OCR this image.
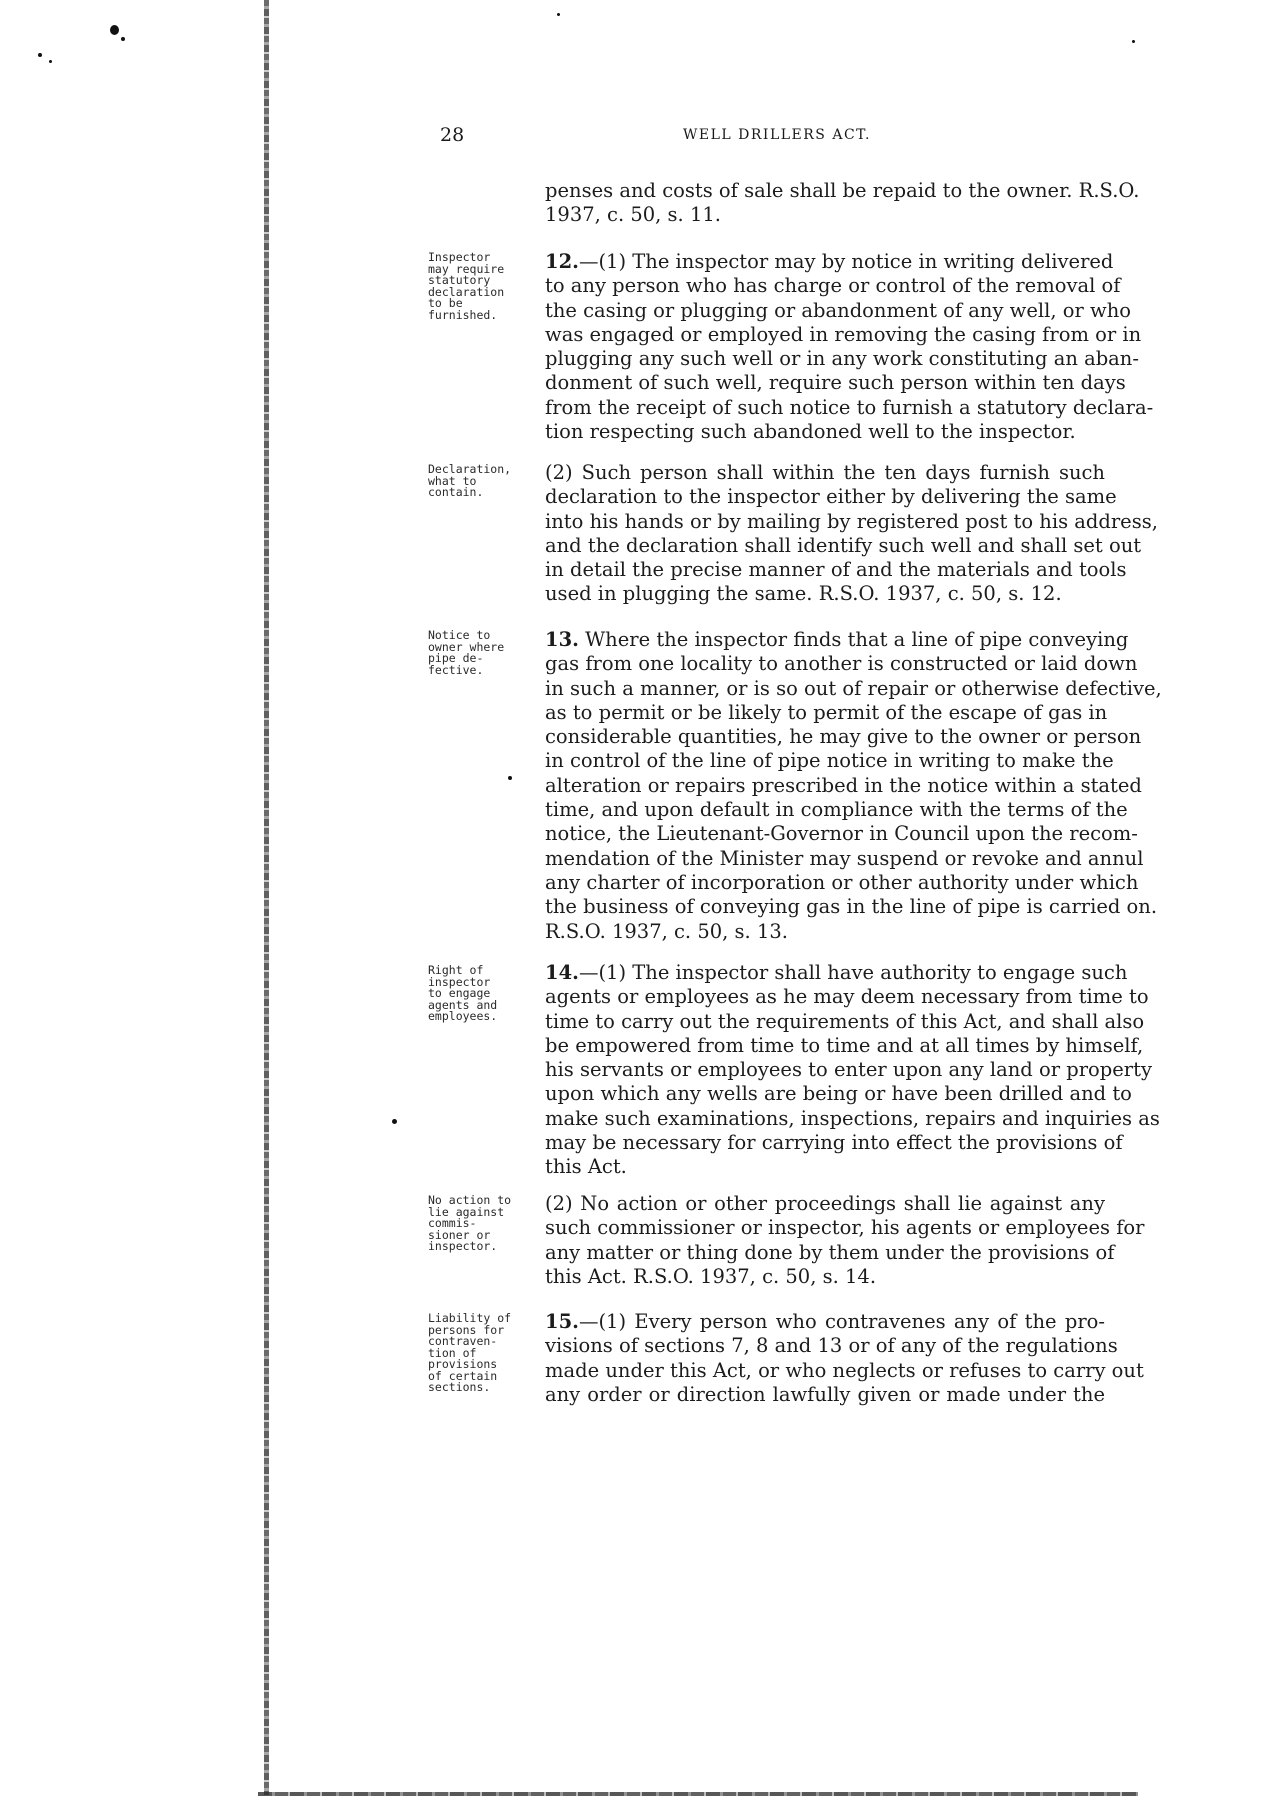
28	WELL DRILLERS ACT.
penses and costs of sale shall be repaid to the owner. R.S.O.
1937, c. 50, s. 11.
Inspector
may require
statutory
declaration
to be
furnished.
12.—(1) The inspector may by notice in writing delivered
to any person who has charge or control of the removal of
the casing or plugging or abandonment of any well, or who
was engaged or employed in removing the casing from or in
plugging any such well or in any work constituting an aban-
donment of such well, require such person within ten days
from the receipt of such notice to furnish a statutory declara-
tion respecting such abandoned well to the inspector.
Declaration,
what to
contain.
(2) Such person shall within the ten days furnish such
declaration to the inspector either by delivering the same
into his hands or by mailing by registered post to his address,
and the declaration shall identify such well and shall set out
in detail the precise manner of and the materials and tools
used in plugging the same. R.S.O. 1937, c. 50, s. 12.
Notice to
owner where
pipe de-
fective.
13. Where the inspector finds that a line of pipe conveying
gas from one locality to another is constructed or laid down
in such a manner, or is so out of repair or otherwise defective,
as to permit or be likely to permit of the escape of gas in
considerable quantities, he may give to the owner or person
in control of the line of pipe notice in writing to make the
alteration or repairs prescribed in the notice within a stated
time, and upon default in compliance with the terms of the
notice, the Lieutenant-Governor in Council upon the recom-
mendation of the Minister may suspend or revoke and annul
any charter of incorporation or other authority under which
the business of conveying gas in the line of pipe is carried on.
R.S.O. 1937, c. 50, s. 13.
Right of
inspector
to engage
agents and
employees.
14.—(1) The inspector shall have authority to engage such
agents or employees as he may deem necessary from time to
time to carry out the requirements of this Act, and shall also
be empowered from time to time and at all times by himself,
his servants or employees to enter upon any land or property
upon which any wells are being or have been drilled and to
make such examinations, inspections, repairs and inquiries as
may be necessary for carrying into effect the provisions of
this Act.
No action to
lie against
commis-
sioner or
inspector.
(2) No action or other proceedings shall lie against any
such commissioner or inspector, his agents or employees for
any matter or thing done by them under the provisions of
this Act. R.S.O. 1937, c. 50, s. 14.
Liability of
persons for
contraven-
tion of
provisions
of certain
sections.
15.—(1) Every person who contravenes any of the pro-
visions of sections 7, 8 and 13 or of any of the regulations
made under this Act, or who neglects or refuses to carry out
any order or direction lawfully given or made under the
